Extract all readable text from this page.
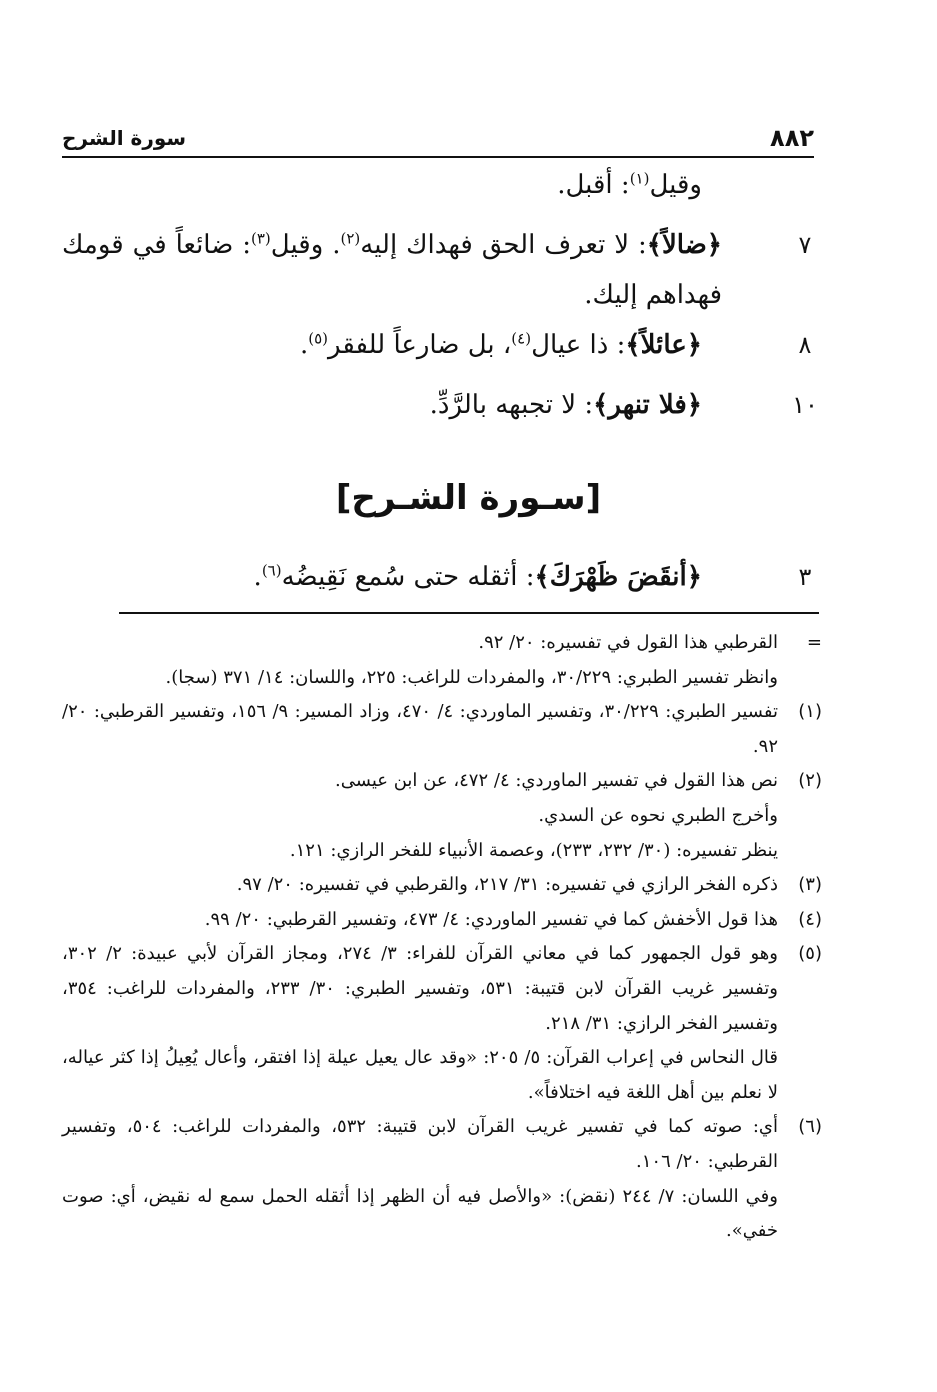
٨٨٢
سورة الشرح
وقيل$^{(١)}$: أقبل.
٧
﴿ ضالاً ﴾: لا تعرف الحق فهداك إليه$^{(٢)}$. وقيل$^{(٣)}$: ضائعاً في قومك فهداهم إليك.
٨
﴿ عائلاً ﴾: ذا عيال$^{(٤)}$، بل ضارعاً للفقر$^{(٥)}$.
١٠
﴿ فلا تنهر ﴾: لا تجبهه بالرَّدِّ.
[سـورة الشـرح]
٣
﴿ أنقَضَ ظَهْرَكَ ﴾: أثقله حتى سُمع نَقِيضُه$^{(٦)}$.
=
القرطبي هذا القول في تفسيره: ٢٠/ ٩٢.
وانظر تفسير الطبري: ٣٠/٢٢٩، والمفردات للراغب: ٢٢٥، واللسان: ١٤/ ٣٧١ (سجا).
(١)
تفسير الطبري: ٣٠/٢٢٩، وتفسير الماوردي: ٤/ ٤٧٠، وزاد المسير: ٩/ ١٥٦، وتفسير القرطبي: ٢٠/ ٩٢.
(٢)
نص هذا القول في تفسير الماوردي: ٤/ ٤٧٢، عن ابن عيسى.
وأخرج الطبري نحوه عن السدي.
ينظر تفسيره: (٣٠/ ٢٣٢، ٢٣٣)، وعصمة الأنبياء للفخر الرازي: ١٢١.
(٣)
ذكره الفخر الرازي في تفسيره: ٣١/ ٢١٧، والقرطبي في تفسيره: ٢٠/ ٩٧.
(٤)
هذا قول الأخفش كما في تفسير الماوردي: ٤/ ٤٧٣، وتفسير القرطبي: ٢٠/ ٩٩.
(٥)
وهو قول الجمهور كما في معاني القرآن للفراء: ٣/ ٢٧٤، ومجاز القرآن لأبي عبيدة: ٢/ ٣٠٢، وتفسير غريب القرآن لابن قتيبة: ٥٣١، وتفسير الطبري: ٣٠/ ٢٣٣، والمفردات للراغب: ٣٥٤، وتفسير الفخر الرازي: ٣١/ ٢١٨.
قال النحاس في إعراب القرآن: ٥/ ٢٠٥: «وقد عال يعيل عيلة إذا افتقر، وأعال يُعِيلُ إذا كثر عياله، لا نعلم بين أهل اللغة فيه اختلافاً».
(٦)
أي: صوته كما في تفسير غريب القرآن لابن قتيبة: ٥٣٢، والمفردات للراغب: ٥٠٤، وتفسير القرطبي: ٢٠/ ١٠٦.
وفي اللسان: ٧/ ٢٤٤ (نقض): «والأصل فيه أن الظهر إذا أثقله الحمل سمع له نقيض، أي: صوت خفي».
